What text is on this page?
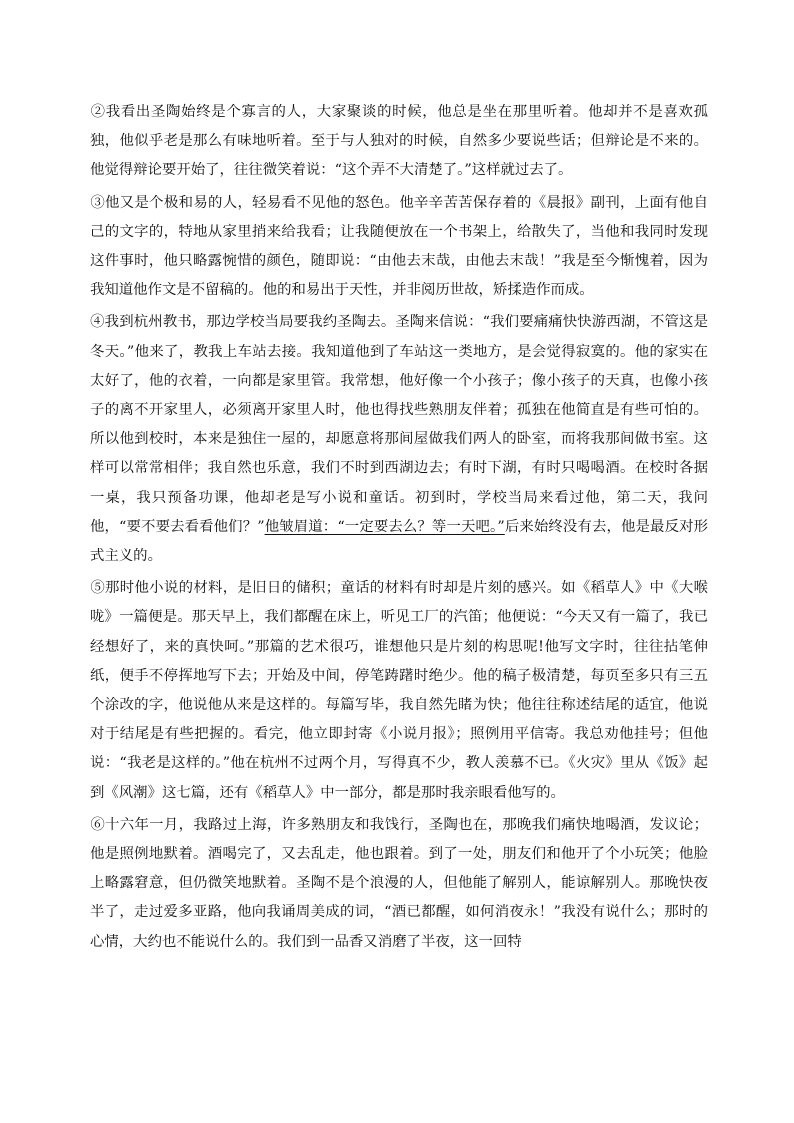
②我看出圣陶始终是个寡言的人，大家聚谈的时候，他总是坐在那里听着。他却并不是喜欢孤独，他似乎老是那么有味地听着。至于与人独对的时候，自然多少要说些话；但辩论是不来的。他觉得辩论要开始了，往往微笑着说：“这个弄不大清楚了。”这样就过去了。

③他又是个极和易的人，轻易看不见他的怒色。他辛辛苦苦保存着的《晨报》副刊，上面有他自己的文字的，特地从家里捎来给我看；让我随便放在一个书架上，给散失了，当他和我同时发现这件事时，他只略露惋惜的颜色，随即说：“由他去末哉，由他去末哉！”我是至今惭愧着，因为我知道他作文是不留稿的。他的和易出于天性，并非阅历世故，矫揉造作而成。

④我到杭州教书，那边学校当局要我约圣陶去。圣陶来信说：“我们要痛痛快快游西湖，不管这是冬天。”他来了，教我上车站去接。我知道他到了车站这一类地方，是会觉得寂寞的。他的家实在太好了，他的衣着，一向都是家里管。我常想，他好像一个小孩子；像小孩子的天真，也像小孩子的离不开家里人，必须离开家里人时，他也得找些熟朋友伴着；孤独在他简直是有些可怕的。所以他到校时，本来是独住一屋的，却愿意将那间屋做我们两人的卧室，而将我那间做书室。这样可以常常相伴；我自然也乐意，我们不时到西湖边去；有时下湖，有时只喝喝酒。在校时各据一桌，我只预备功课，他却老是写小说和童话。初到时，学校当局来看过他，第二天，我问他，“要不要去看看他们？”他皱眉道：“一定要去么？等一天吧。”后来始终没有去，他是最反对形式主义的。

⑤那时他小说的材料，是旧日的储积；童话的材料有时却是片刻的感兴。如《稻草人》中《大喉咙》一篇便是。那天早上，我们都醒在床上，听见工厂的汽笛；他便说：“今天又有一篇了，我已经想好了，来的真快呵。”那篇的艺术很巧，谁想他只是片刻的构思呢!他写文字时，往往拈笔伸纸，便手不停挥地写下去；开始及中间，停笔踌躇时绝少。他的稿子极清楚，每页至多只有三五个涂改的字，他说他从来是这样的。每篇写毕，我自然先睹为快；他往往称述结尾的适宜，他说对于结尾是有些把握的。看完，他立即封寄《小说月报》；照例用平信寄。我总劝他挂号；但他说：“我老是这样的。”他在杭州不过两个月，写得真不少，教人羡慕不已。《火灾》里从《饭》起到《风潮》这七篇，还有《稻草人》中一部分，都是那时我亲眼看他写的。

⑥十六年一月，我路过上海，许多熟朋友和我饯行，圣陶也在，那晚我们痛快地喝酒，发议论；他是照例地默着。酒喝完了，又去乱走，他也跟着。到了一处，朋友们和他开了个小玩笑；他脸上略露窘意，但仍微笑地默着。圣陶不是个浪漫的人，但他能了解别人，能谅解别人。那晚快夜半了，走过爱多亚路，他向我诵周美成的词，“酒已都醒，如何消夜永！”我没有说什么；那时的心情，大约也不能说什么的。我们到一品香又消磨了半夜，这一回特
